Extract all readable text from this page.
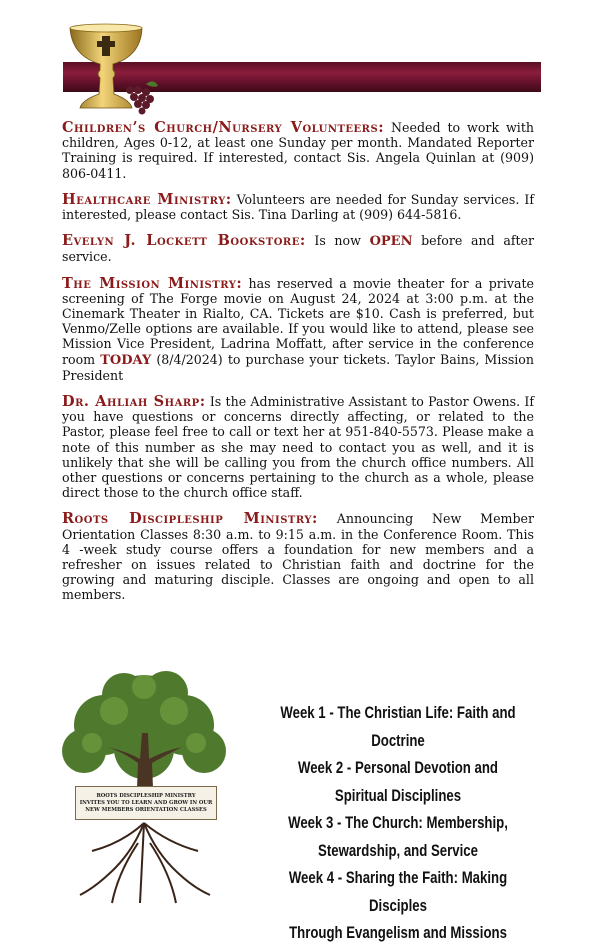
Children’s Church/Nursery Volunteers: Needed to work with children, Ages 0-12, at least one Sunday per month. Mandated Reporter Training is required. If interested, contact Sis. Angela Quinlan at (909) 806-0411.

Healthcare Ministry: Volunteers are needed for Sunday services. If interested, please contact Sis. Tina Darling at (909) 644-5816.

Evelyn J. Lockett Bookstore: Is now OPEN before and after service.

The Mission Ministry: has reserved a movie theater for a private screening of The Forge movie on August 24, 2024 at 3:00 p.m. at the Cinemark Theater in Rialto, CA. Tickets are $10. Cash is preferred, but Venmo/Zelle options are available. If you would like to attend, please see Mission Vice President, Ladrina Moffatt, after service in the conference room TODAY (8/4/2024) to purchase your tickets. Taylor Bains, Mission President

Dr. Ahliah Sharp: Is the Administrative Assistant to Pastor Owens. If you have questions or concerns directly affecting, or related to the Pastor, please feel free to call or text her at 951-840-5573. Please make a note of this number as she may need to contact you as well, and it is unlikely that she will be calling you from the church office numbers. All other questions or concerns pertaining to the church as a whole, please direct those to the church office staff.

Roots Discipleship Ministry: Announcing New Member Orientation Classes 8:30 a.m. to 9:15 a.m. in the Conference Room. This 4 -week study course offers a foundation for new members and a refresher on issues related to Christian faith and doctrine for the growing and maturing disciple. Classes are ongoing and open to all members.

ROOTS DISCIPLESHIP MINISTRY
INVITES YOU TO LEARN AND GROW IN OUR
NEW MEMBERS ORIENTATION CLASSES
Week 1 - The Christian Life: Faith and Doctrine
Week 2 - Personal Devotion and Spiritual Disciplines
Week 3 - The Church: Membership, Stewardship, and Service
Week 4 - Sharing the Faith: Making Disciples
Through Evangelism and Missions
